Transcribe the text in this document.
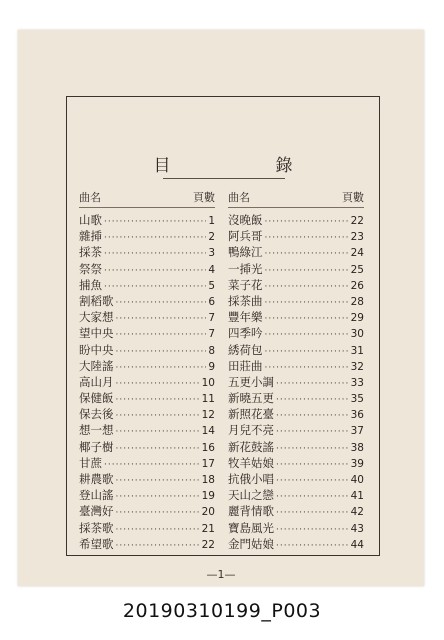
目　錄
曲名	頁數
山歌 ·····	1
雜揷 ·····	2
採茶 ·····	3
祭祭 ·····	4
捕魚 ·····	5
割稻歌 ·····	6
大家想 ·····	7
望中央 ·····	7
盼中央 ·····	8
大陸謠 ·····	9
高山月 ·····	10
保健飯 ·····	11
保去後 ·····	12
想一想 ·····	14
椰子樹 ·····	16
甘蔗 ·····	17
耕農歌 ·····	18
登山謠 ·····	19
臺灣好 ·····	20
採茶歌 ·····	21
希望歌 ·····	22
曲名	頁數
沒晚飯 ·····	22
阿兵哥 ·····	23
鴨綠江 ·····	24
一揷光 ·····	25
菜子花 ·····	26
採茶曲 ·····	28
豐年樂 ·····	29
四季吟 ·····	30
綉荷包 ·····	31
田莊曲 ·····	32
五更小調 ·····	33
新曉五更 ·····	35
新照花臺 ·····	36
月兒不亮 ·····	37
新花鼓謠 ·····	38
牧羊姑娘 ·····	39
抗俄小唱 ·····	40
天山之戀 ·····	41
麗背情歌 ·····	42
寶島風光 ·····	43
金門姑娘 ·····	44
—1—
20190310199_P003
